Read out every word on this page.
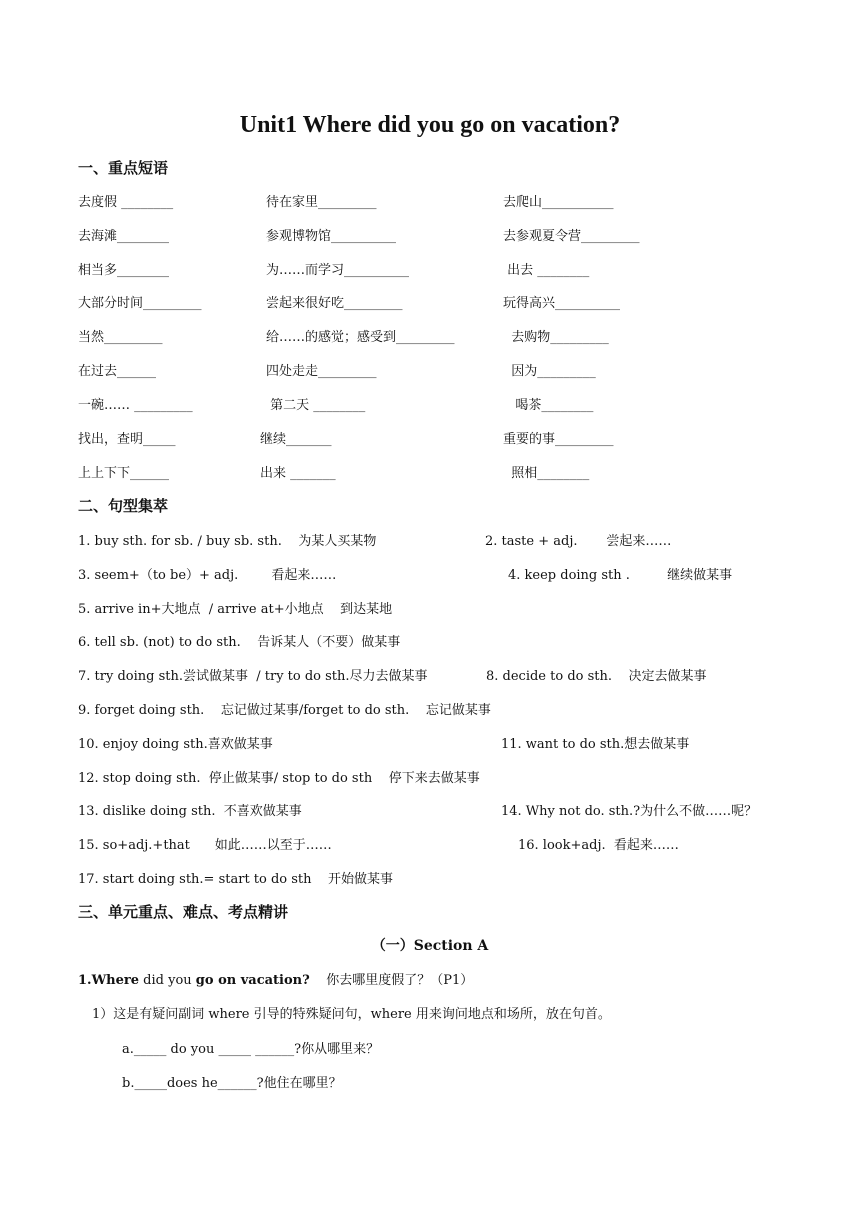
Unit1 Where did you go on vacation?
一、重点短语
去度假 ________	待在家里_________	去爬山___________
去海滩________	参观博物馆__________	去参观夏令营_________
相当多________	为……而学习__________	出去 ________
大部分时间_________	尝起来很好吃_________	玩得高兴__________
当然_________	给……的感觉；感受到_________	去购物_________
在过去______	四处走走_________	因为_________
一碗…… _________	第二天 ________	喝茶________
找出，查明_____	继续_______	重要的事_________
上上下下______	出来 _______	照相________
二、句型集萃
1. buy sth. for sb. / buy sb. sth.    为某人买某物	2. taste + adj.       尝起来……
3. seem+（to be）+ adj.        看起来……	4. keep doing sth .         继续做某事
5. arrive in+大地点  / arrive at+小地点    到达某地
6. tell sb. (not) to do sth.    告诉某人（不要）做某事
7. try doing sth.尝试做某事  / try to do sth.尽力去做某事	8. decide to do sth.    决定去做某事
9. forget doing sth.    忘记做过某事/forget to do sth.    忘记做某事
10. enjoy doing sth.喜欢做某事	11. want to do sth.想去做某事
12. stop doing sth.  停止做某事/ stop to do sth    停下来去做某事
13. dislike doing sth.  不喜欢做某事	14. Why not do. sth.?为什么不做……呢？
15. so+adj.+that      如此……以至于……	16. look+adj.  看起来……
17. start doing sth.= start to do sth    开始做某事
三、单元重点、难点、考点精讲
（一）Section A
1.Where did you go on vacation?    你去哪里度假了？（P1）
1）这是有疑问副词 where 引导的特殊疑问句，where 用来询问地点和场所，放在句首。
a._____ do you _____ ______?你从哪里来？
b._____does he______?他住在哪里？
